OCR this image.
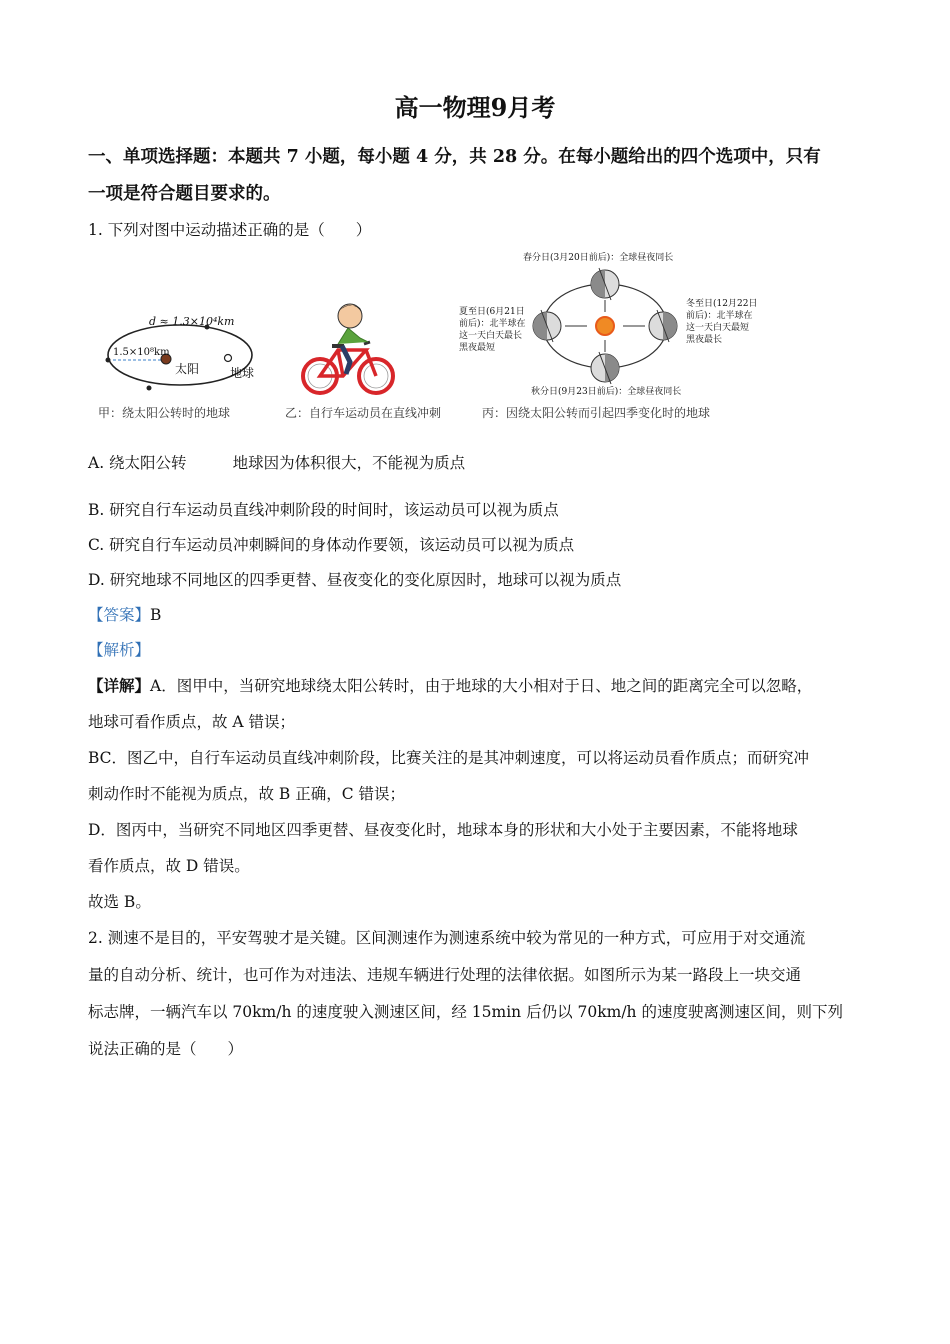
高一物理9月考
一、单项选择题：本题共 7 小题，每小题 4 分，共 28 分。在每小题给出的四个选项中，只有
一项是符合题目要求的。
1. 下列对图中运动描述正确的是（　　）
d ≈ 1.3×10⁴km
1.5×10⁸km
太阳	地球
甲：绕太阳公转时的地球	乙：自行车运动员在直线冲刺
春分日(3月20日前后)：全球昼夜同长
夏至日(6月21日
前后)：北半球在
这一天白天最长
黑夜最短
冬至日(12月22日
前后)：北半球在
这一天白天最短
黑夜最长
秋分日(9月23日前后)：全球昼夜同长
丙：因绕太阳公转而引起四季变化时的地球
A. 绕太阳公转	地球因为体积很大，不能视为质点
B. 研究自行车运动员直线冲刺阶段的时间时，该运动员可以视为质点
C. 研究自行车运动员冲刺瞬间的身体动作要领，该运动员可以视为质点
D. 研究地球不同地区的四季更替、昼夜变化的变化原因时，地球可以视为质点
【答案】B
【解析】
【详解】A．图甲中，当研究地球绕太阳公转时，由于地球的大小相对于日、地之间的距离完全可以忽略，
地球可看作质点，故 A 错误；
BC．图乙中，自行车运动员直线冲刺阶段，比赛关注的是其冲刺速度，可以将运动员看作质点；而研究冲
刺动作时不能视为质点，故 B 正确，C 错误；
D．图丙中，当研究不同地区四季更替、昼夜变化时，地球本身的形状和大小处于主要因素，不能将地球
看作质点，故 D 错误。
故选 B。
2. 测速不是目的，平安驾驶才是关键。区间测速作为测速系统中较为常见的一种方式，可应用于对交通流
量的自动分析、统计，也可作为对违法、违规车辆进行处理的法律依据。如图所示为某一路段上一块交通
标志牌，一辆汽车以 70km/h 的速度驶入测速区间，经 15min 后仍以 70km/h 的速度驶离测速区间，则下列
说法正确的是（　　）
